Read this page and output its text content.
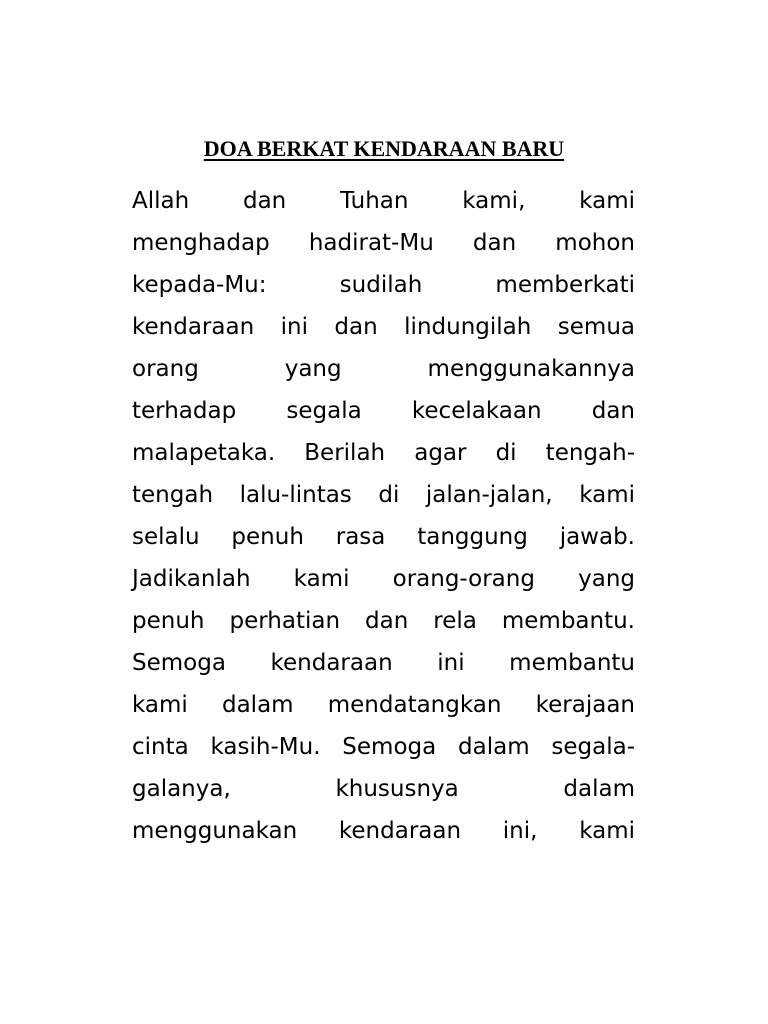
DOA BERKAT KENDARAAN BARU
Allah dan Tuhan kami, kami
menghadap hadirat-Mu dan mohon
kepada-Mu: sudilah memberkati
kendaraan ini dan lindungilah semua
orang yang menggunakannya
terhadap segala kecelakaan dan
malapetaka. Berilah agar di tengah-
tengah lalu-lintas di jalan-jalan, kami
selalu penuh rasa tanggung jawab.
Jadikanlah kami orang-orang yang
penuh perhatian dan rela membantu.
Semoga kendaraan ini membantu
kami dalam mendatangkan kerajaan
cinta kasih-Mu. Semoga dalam segala-
galanya, khususnya dalam
menggunakan kendaraan ini, kami
